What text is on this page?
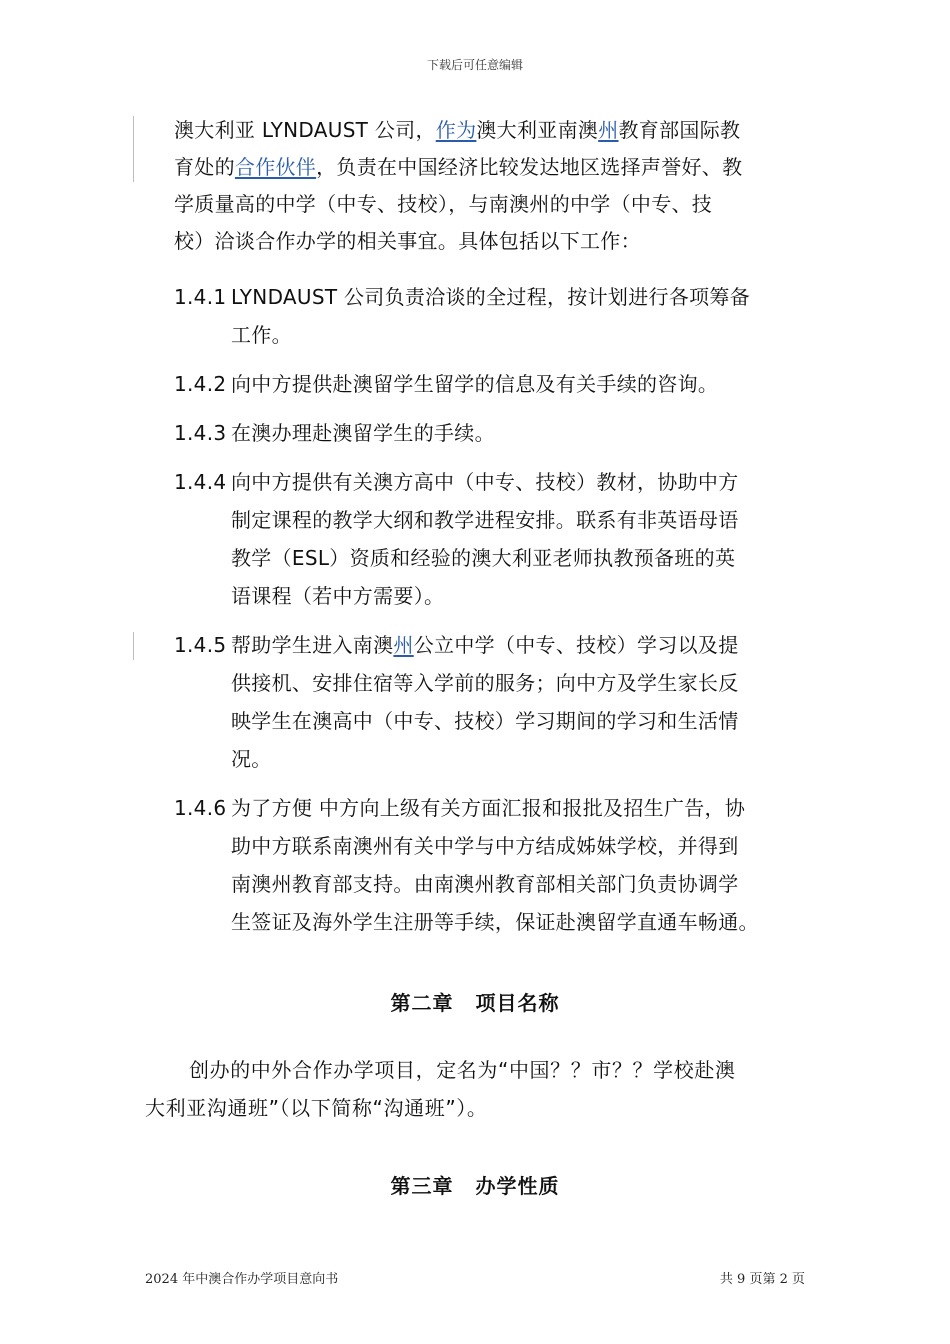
下载后可任意编辑
澳大利亚 LYNDAUST 公司，作为澳大利亚南澳州教育部国际教
育处的合作伙伴，负责在中国经济比较发达地区选择声誉好、教
学质量高的中学（中专、技校），与南澳州的中学（中专、技
校）洽谈合作办学的相关事宜。具体包括以下工作：
1.4.1 LYNDAUST 公司负责洽谈的全过程，按计划进行各项筹备
工作。
1.4.2 向中方提供赴澳留学生留学的信息及有关手续的咨询。
1.4.3 在澳办理赴澳留学生的手续。
1.4.4 向中方提供有关澳方高中（中专、技校）教材，协助中方
制定课程的教学大纲和教学进程安排。联系有非英语母语
教学（ESL）资质和经验的澳大利亚老师执教预备班的英
语课程（若中方需要）。
1.4.5 帮助学生进入南澳州公立中学（中专、技校）学习以及提
供接机、安排住宿等入学前的服务；向中方及学生家长反
映学生在澳高中（中专、技校）学习期间的学习和生活情
况。
1.4.6 为了方便 中方向上级有关方面汇报和报批及招生广告，协
助中方联系南澳州有关中学与中方结成姊妹学校，并得到
南澳州教育部支持。由南澳州教育部相关部门负责协调学
生签证及海外学生注册等手续，保证赴澳留学直通车畅通。
第二章 项目名称
创办的中外合作办学项目，定名为“中国？？市？？学校赴澳
大利亚沟通班”（以下简称“沟通班”）。
第三章 办学性质
2024 年中澳合作办学项目意向书	共 9 页第 2 页
